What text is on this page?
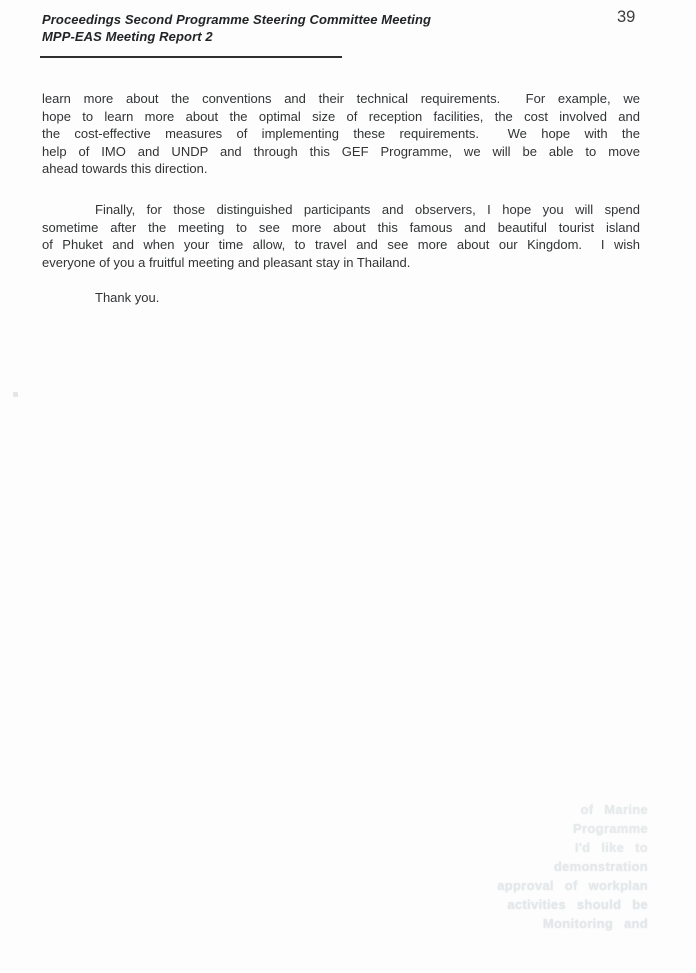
Proceedings Second Programme Steering Committee Meeting
MPP-EAS Meeting Report 2
39
learn more about the conventions and their technical requirements.  For example, we
hope to learn more about the optimal size of reception facilities, the cost involved and
the cost-effective measures of implementing these requirements.  We hope with the
help of IMO and UNDP and through this GEF Programme, we will be able to move
ahead towards this direction.
Finally, for those distinguished participants and observers, I hope you will spend
sometime after the meeting to see more about this famous and beautiful tourist island
of Phuket and when your time allow, to travel and see more about our Kingdom.  I wish
everyone of you a fruitful meeting and pleasant stay in Thailand.
Thank you.
of Marine
Programme
I'd like to
demonstration
approval of workplan
activities should be
Monitoring and
